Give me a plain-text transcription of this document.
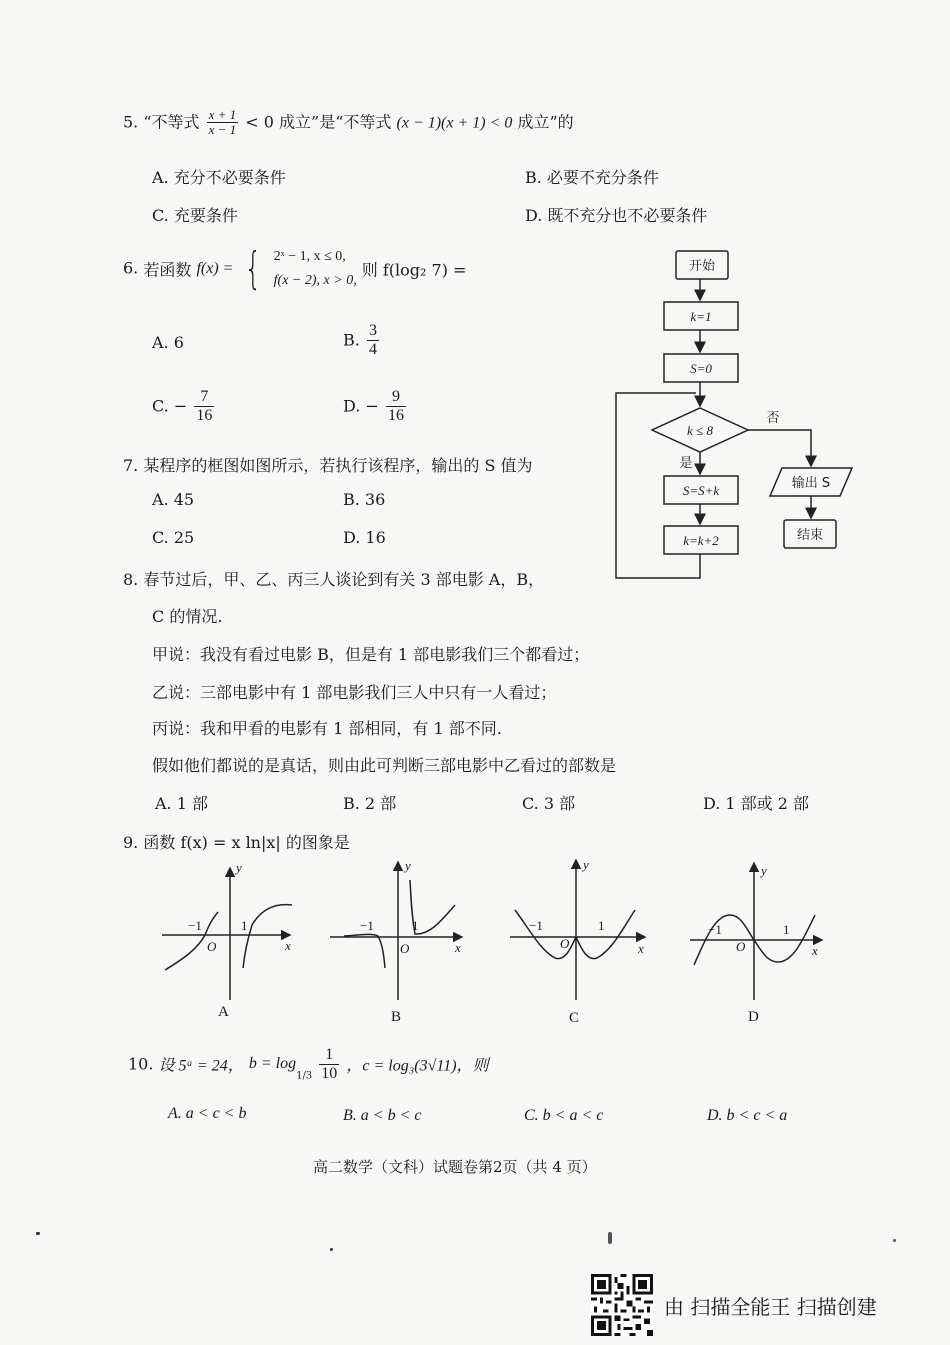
5. “不等式 $\frac{x + 1}{x - 1} < 0$ 成立”是“不等式 (x − 1)(x + 1) < 0 成立”的
A. 充分不必要条件	B. 必要不充分条件
C. 充要条件	D. 既不充分也不必要条件
6. 若函数 f(x) = { 2ˣ − 1, x ≤ 0,
f(x − 2), x > 0,
则 f(log₂ 7) =
A. 6	B. $\frac{3}{4}$
C. − $\frac{7}{16}$	D. − $\frac{9}{16}$
7. 某程序的框图如图所示，若执行该程序，输出的 S 值为
A. 45	B. 36
C. 25	D. 16
开始
k=1
S=0
k ≤ 8
是
否
S=S+k
k=k+2
输出 S
结束
8. 春节过后，甲、乙、丙三人谈论到有关 3 部电影 A，B，
C 的情况.
甲说：我没有看过电影 B，但是有 1 部电影我们三个都看过；
乙说：三部电影中有 1 部电影我们三人中只有一人看过；
丙说：我和甲看的电影有 1 部相同，有 1 部不同.
假如他们都说的是真话，则由此可判断三部电影中乙看过的部数是
A. 1 部	B. 2 部	C. 3 部	D. 1 部或 2 部
9. 函数 f(x) = x ln|x| 的图象是
y
x
O
−1	1
A
y
x
O
−1	1
B
y
x
O
−1	1
C
y
x
O
−1	1
D
10. 设 5ᵃ = 24， $b = \log_{1/3} \frac{1}{10}$ ，c = log₃(3√11)，则
A. a < c < b	B. a < b < c	C. b < a < c	D. b < c < a
高二数学（文科）试题卷第2页（共 4 页）
由 扫描全能王 扫描创建
